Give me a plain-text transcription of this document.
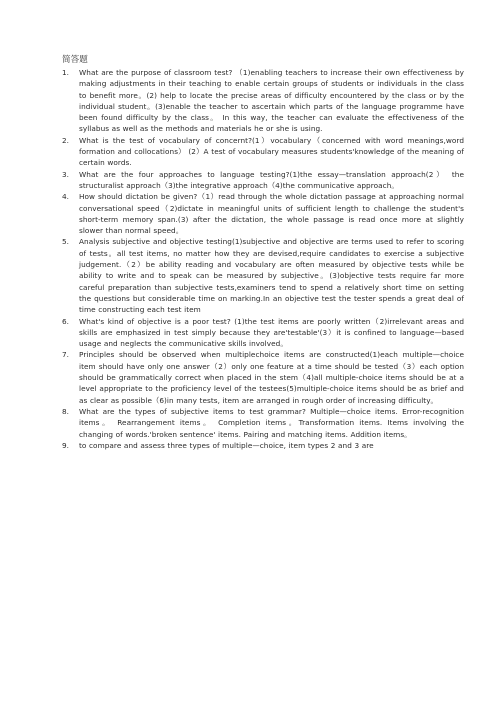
简答题
1.	What are the purpose of classroom test? （1)enabling teachers to increase their own effectiveness by making adjustments in their teaching to enable certain groups of students or individuals in the class to benefit more。(2) help to locate the precise areas of difficulty encountered by the class or by the individual student。(3)enable the teacher to ascertain which parts of the language programme have been found difficulty by the class。 In this way, the teacher can evaluate the effectiveness of the syllabus as well as the methods and materials he or she is using.
2.	What is the test of vocabulary of concernt?(1）vocabulary（concerned with word meanings,word formation and collocations） (2）A test of vocabulary measures students'knowledge of the meaning of certain words.
3.	What are the four approaches to language testing?(1)the essay—translation approach(2） the structuralist approach（3)the integrative approach（4)the communicative approach。
4.	How should dictation be given?（1）read through the whole dictation passage at approaching normal conversational speed（2)dictate in meaningful units of sufficient length to challenge the student's short-term memory span.(3) after the dictation, the whole passage is read once more at slightly slower than normal speed。
5.	Analysis subjective and objective testing(1)subjective and objective are terms used to refer to scoring of tests。all test items, no matter how they are devised,require candidates to exercise a subjective judgement.（2）be ability reading and vocabulary are often measured by objective tests while be ability to write and to speak can be measured by subjective。(3)objective tests require far more careful preparation than subjective tests,examiners tend to spend a relatively short time on setting the questions but considerable time on marking.In an objective test the tester spends a great deal of time constructing each test item
6.	What's kind of objective is a poor test? (1)the test items are poorly written（2)irrelevant areas and skills are emphasized in test simply because they are'testable'(3）it is confined to language—based usage and neglects the communicative skills involved。
7.	Principles should be observed when multiplechoice items are constructed(1)each multiple—choice item should have only one answer（2）only one feature at a time should be tested（3）each option should be grammatically correct when placed in the stem（4)all multiple-choice items should be at a level appropriate to the proficiency level of the testees(5)multiple-choice items should be as brief and as clear as possible（6)in many tests, item are arranged in rough order of increasing difficulty。
8.	What are the types of subjective items to test grammar? Multiple—choice items. Error-recognition items。 Rearrangement items。 Completion items。Transformation items. Items involving the changing of words.'broken sentence' items. Pairing and matching items. Addition items。
9.	to compare and assess three types of multiple—choice, item types 2 and 3 are
